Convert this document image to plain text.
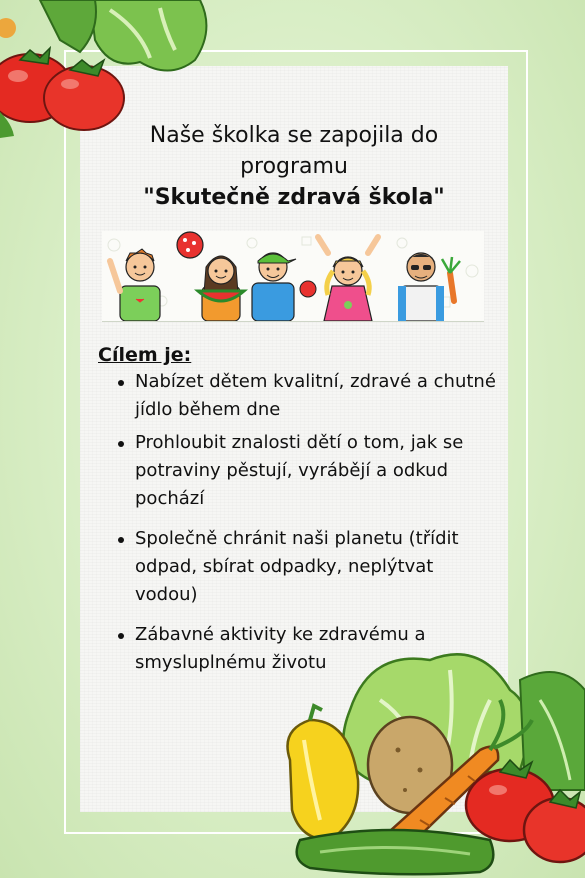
Naše školka se zapojila do
programu
"Skutečně zdravá škola"
Cílem je:
Nabízet dětem kvalitní, zdravé a chutné jídlo během dne
Prohloubit znalosti dětí o tom, jak se potraviny pěstují, vyrábějí a odkud pochází
Společně chránit naši planetu (třídit odpad, sbírat odpadky, neplýtvat vodou)
Zábavné aktivity ke zdravému a smysluplnému životu
